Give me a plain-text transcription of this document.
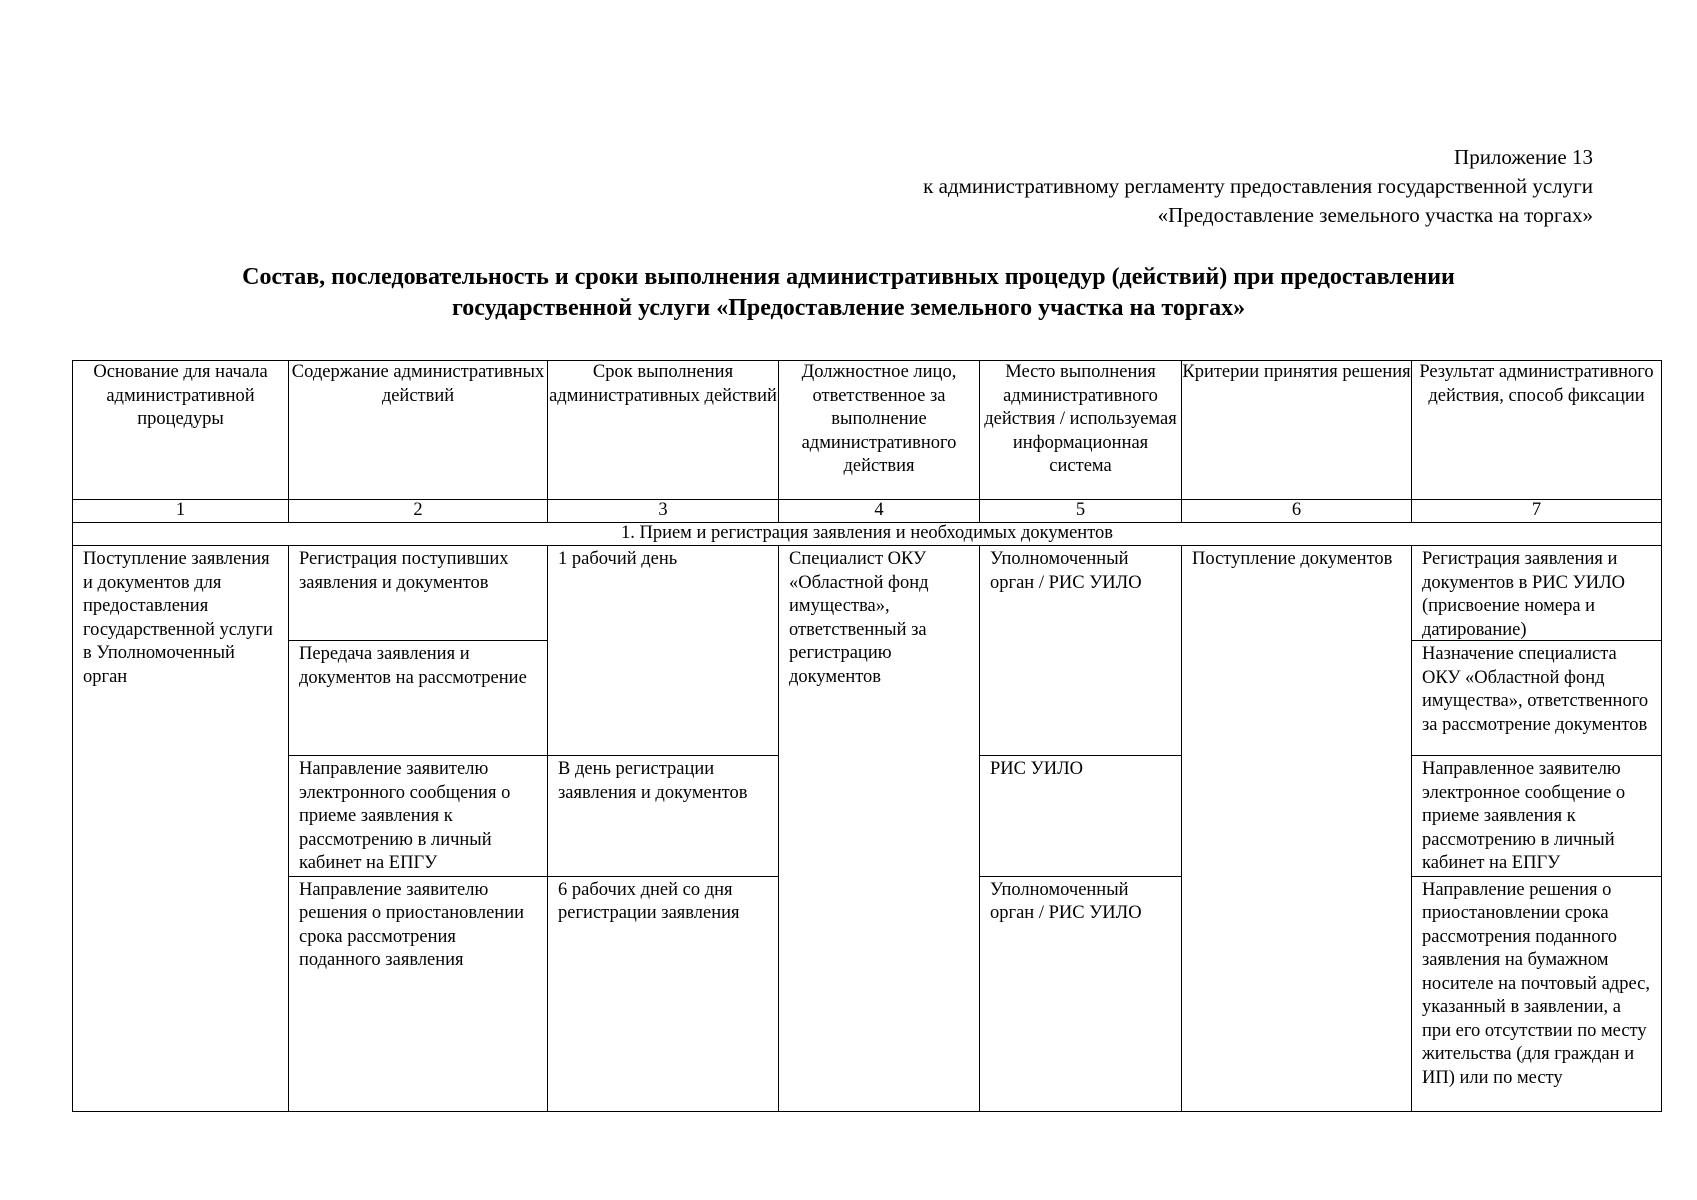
Приложение 13
к административному регламенту предоставления государственной услуги
«Предоставление земельного участка на торгах»
Состав, последовательность и сроки выполнения административных процедур (действий) при предоставлении
государственной услуги «Предоставление земельного участка на торгах»
Основание для начала административной процедуры	Содержание административных действий	Срок выполнения административных действий	Должностное лицо, ответственное за выполнение административного действия	Место выполнения административного действия / используемая информационная система	Критерии принятия решения	Результат административного действия, способ фиксации
1	2	3	4	5	6	7
1. Прием и регистрация заявления и необходимых документов						

Поступление заявления и документов для предоставления государственной услуги в Уполномоченный орган	Регистрация поступивших заявления и документов	1 рабочий день	Специалист ОКУ «Областной фонд имущества», ответственный за регистрацию документов	Уполномоченный орган / РИС УИЛО	Поступление документов	Регистрация заявления и документов в РИС УИЛО (присвоение номера и датирование)

	Передача заявления и документов на рассмотрение					Назначение специалиста ОКУ «Областной фонд имущества», ответственного за рассмотрение документов

	Направление заявителю электронного сообщения о приеме заявления к рассмотрению в личный кабинет на ЕПГУ	В день регистрации заявления и документов		РИС УИЛО		Направленное заявителю электронное сообщение о приеме заявления к рассмотрению в личный кабинет на ЕПГУ

	Направление заявителю решения о приостановлении срока рассмотрения поданного заявления	6 рабочих дней со дня регистрации заявления		Уполномоченный орган / РИС УИЛО		Направление решения о приостановлении срока рассмотрения поданного заявления на бумажном носителе на почтовый адрес, указанный в заявлении, а при его отсутствии по месту жительства (для граждан и ИП) или по месту
